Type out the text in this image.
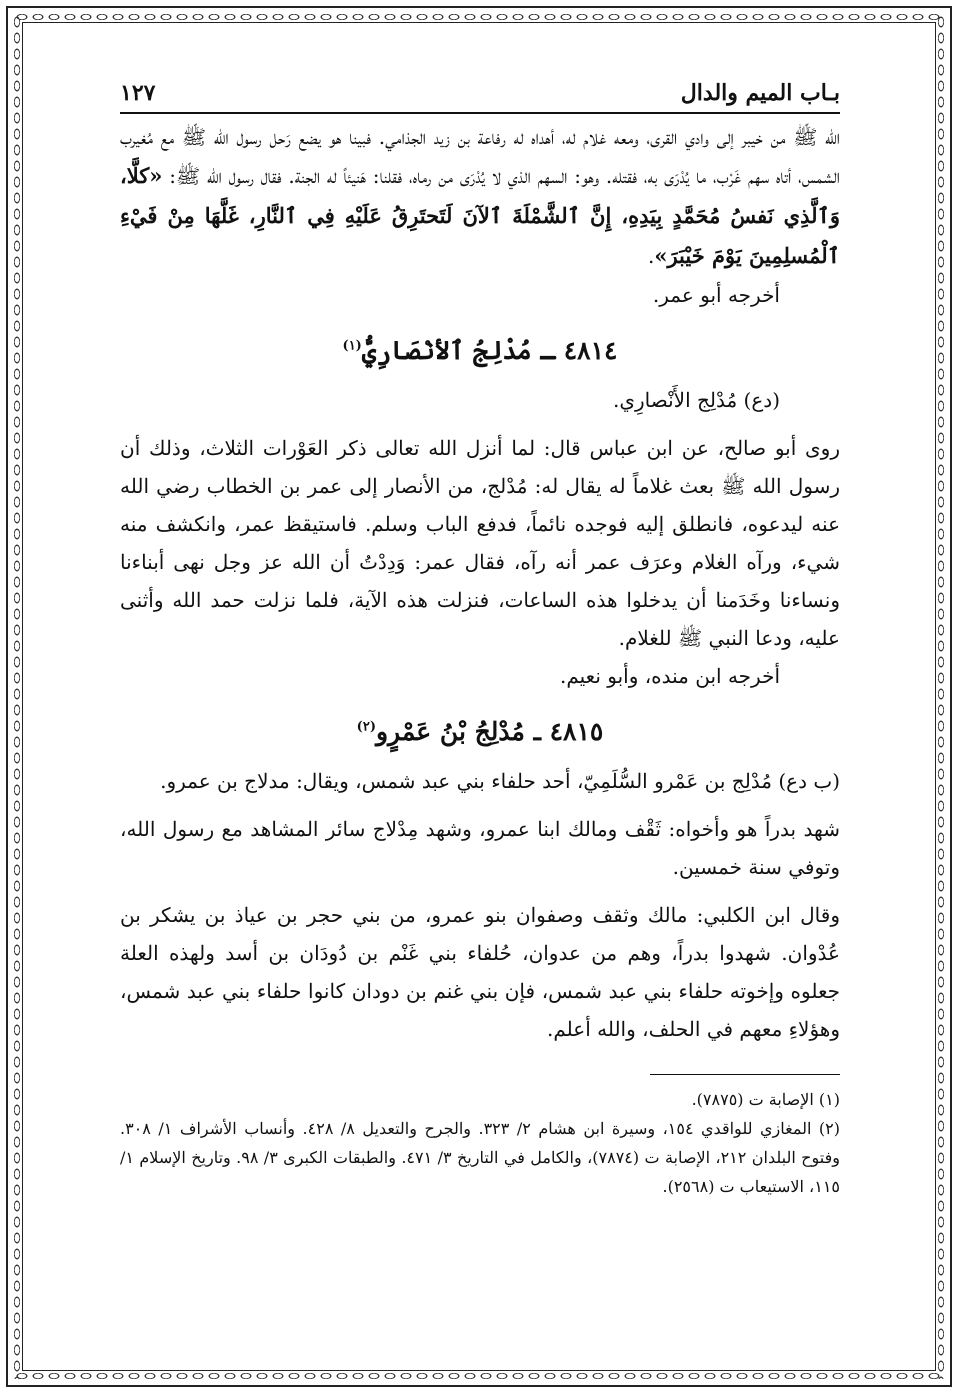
بـاب الميم والدال
١٢٧

الله ﷺ من خيبر إلى وادي القرى، ومعه غلام له، أهداه له رفاعة بن زيد الجذامي. فبينا هو يضع رَحل رسول الله ﷺ مع مُغيرب الشمس، أتاه سهم غَرْب، ما يُدْرَى به، فقتله. وهو: السهم الذي لا يُدْرَى من رماه، فقلنا: هَنيئاً له الجنة. فقال رسول الله ﷺ: «كلَّا، وَٱلَّذِي نَفسُ مُحَمَّدٍ بِيَدِهِ، إِنَّ ٱلشَّمْلَةَ ٱلآنَ لَتَحتَرِقُ عَلَيْهِ فِي ٱلنَّارِ، غَلَّهَا مِنْ فَيْءِ ٱلْمُسلِمِينَ يَوْمَ خَيْبَرَ».

أخرجه أبو عمر.

٤٨١٤ ـ مُدْلِجُ ٱلأنْصَارِيُّ$^{(١)}$

(دع) مُدْلِج الأَنْصارِي.

روى أبو صالح، عن ابن عباس قال: لما أنزل الله تعالى ذكر العَوْرات الثلاث، وذلك أن رسول الله ﷺ بعث غلاماً له يقال له: مُدْلج، من الأنصار إلى عمر بن الخطاب رضي الله عنه ليدعوه، فانطلق إليه فوجده نائماً، فدفع الباب وسلم. فاستيقظ عمر، وانكشف منه شيء، ورآه الغلام وعرَف عمر أنه رآه، فقال عمر: وَدِدْتُ أن الله عز وجل نهى أبناءنا ونساءنا وخَدَمنا أن يدخلوا هذه الساعات، فنزلت هذه الآية، فلما نزلت حمد الله وأثنى عليه، ودعا النبي ﷺ للغلام.

أخرجه ابن منده، وأبو نعيم.

٤٨١٥ ـ مُدْلِجُ بْنُ عَمْرٍو$^{(٢)}$

(ب دع) مُدْلِج بن عَمْرو السُّلَمِيّ، أحد حلفاء بني عبد شمس، ويقال: مدلاج بن عمرو.

شهد بدراً هو وأخواه: ثَقْف ومالك ابنا عمرو، وشهد مِدْلاج سائر المشاهد مع رسول الله، وتوفي سنة خمسين.

وقال ابن الكلبي: مالك وثقف وصفوان بنو عمرو، من بني حجر بن عياذ بن يشكر بن عُدْوان. شهدوا بدراً، وهم من عدوان، حُلفاء بني غَنْم بن دُودَان بن أسد ولهذه العلة جعلوه وإخوته حلفاء بني عبد شمس، فإن بني غنم بن دودان كانوا حلفاء بني عبد شمس، وهؤلاءِ معهم في الحلف، والله أعلم.

(١) الإصابة ت (٧٨٧٥).

(٢) المغازي للواقدي ١٥٤، وسيرة ابن هشام ٢/ ٣٢٣. والجرح والتعديل ٨/ ٤٢٨. وأنساب الأشراف ١/ ٣٠٨. وفتوح البلدان ٢١٢، الإصابة ت (٧٨٧٤)، والكامل في التاريخ ٣/ ٤٧١. والطبقات الكبرى ٣/ ٩٨. وتاريخ الإسلام ١/ ١١٥، الاستيعاب ت (٢٥٦٨).
